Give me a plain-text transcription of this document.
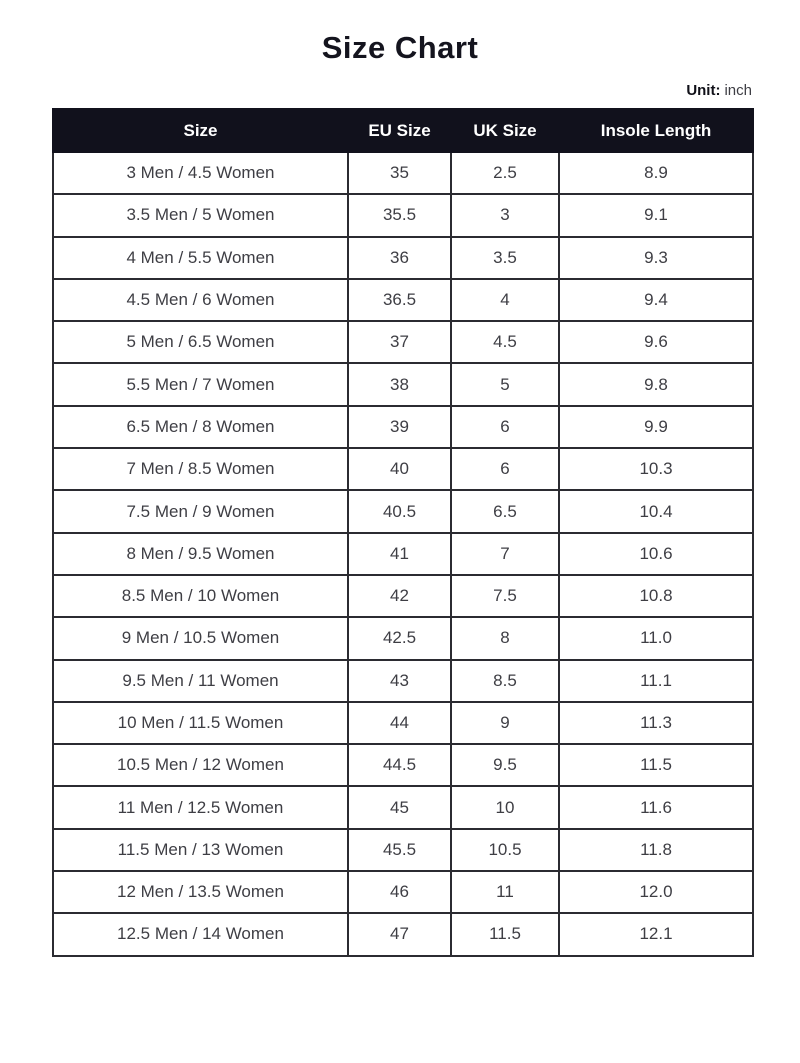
Size Chart
Unit: inch
Size	EU Size	UK Size	Insole Length
3 Men / 4.5 Women	35	2.5	8.9
3.5 Men / 5 Women	35.5	3	9.1
4 Men / 5.5 Women	36	3.5	9.3
4.5 Men / 6 Women	36.5	4	9.4
5 Men / 6.5 Women	37	4.5	9.6
5.5 Men / 7 Women	38	5	9.8
6.5 Men / 8 Women	39	6	9.9
7 Men / 8.5 Women	40	6	10.3
7.5 Men / 9 Women	40.5	6.5	10.4
8 Men / 9.5 Women	41	7	10.6
8.5 Men / 10 Women	42	7.5	10.8
9 Men / 10.5 Women	42.5	8	11.0
9.5 Men / 11 Women	43	8.5	11.1
10 Men / 11.5 Women	44	9	11.3
10.5 Men / 12 Women	44.5	9.5	11.5
11 Men / 12.5 Women	45	10	11.6
11.5 Men / 13 Women	45.5	10.5	11.8
12 Men / 13.5 Women	46	11	12.0
12.5 Men / 14 Women	47	11.5	12.1
